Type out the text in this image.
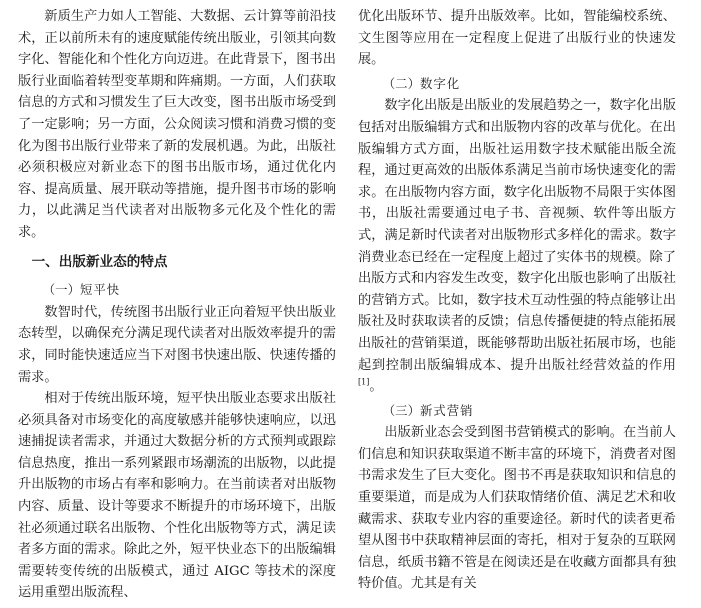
新质生产力如人工智能、大数据、云计算等前沿技术，正以前所未有的速度赋能传统出版业，引领其向数字化、智能化和个性化方向迈进。在此背景下，图书出版行业面临着转型变革期和阵痛期。一方面，人们获取信息的方式和习惯发生了巨大改变，图书出版市场受到了一定影响；另一方面，公众阅读习惯和消费习惯的变化为图书出版行业带来了新的发展机遇。为此，出版社必须积极应对新业态下的图书出版市场，通过优化内容、提高质量、展开联动等措施，提升图书市场的影响力，以此满足当代读者对出版物多元化及个性化的需求。

一、出版新业态的特点
（一）短平快

数智时代，传统图书出版行业正向着短平快出版业态转型，以确保充分满足现代读者对出版效率提升的需求，同时能快速适应当下对图书快速出版、快速传播的需求。

相对于传统出版环境，短平快出版业态要求出版社必须具备对市场变化的高度敏感并能够快速响应，以迅速捕捉读者需求，并通过大数据分析的方式预判或跟踪信息热度，推出一系列紧跟市场潮流的出版物，以此提升出版物的市场占有率和影响力。在当前读者对出版物内容、质量、设计等要求不断提升的市场环境下，出版社必须通过联名出版物、个性化出版物等方式，满足读者多方面的需求。除此之外，短平快业态下的出版编辑需要转变传统的出版模式，通过 AIGC 等技术的深度运用重塑出版流程、

优化出版环节、提升出版效率。比如，智能编校系统、文生图等应用在一定程度上促进了出版行业的快速发展。

（二）数字化

数字化出版是出版业的发展趋势之一，数字化出版包括对出版编辑方式和出版物内容的改革与优化。在出版编辑方式方面，出版社运用数字技术赋能出版全流程，通过更高效的出版体系满足当前市场快速变化的需求。在出版物内容方面，数字化出版物不局限于实体图书，出版社需要通过电子书、音视频、软件等出版方式，满足新时代读者对出版物形式多样化的需求。数字消费业态已经在一定程度上超过了实体书的规模。除了出版方式和内容发生改变，数字化出版也影响了出版社的营销方式。比如，数字技术互动性强的特点能够让出版社及时获取读者的反馈；信息传播便捷的特点能拓展出版社的营销渠道，既能够帮助出版社拓展市场，也能起到控制出版编辑成本、提升出版社经营效益的作用[1]。

（三）新式营销

出版新业态会受到图书营销模式的影响。在当前人们信息和知识获取渠道不断丰富的环境下，消费者对图书需求发生了巨大变化。图书不再是获取知识和信息的重要渠道，而是成为人们获取情绪价值、满足艺术和收藏需求、获取专业内容的重要途径。新时代的读者更希望从图书中获取精神层面的寄托，相对于复杂的互联网信息，纸质书籍不管是在阅读还是在收藏方面都具有独特价值。尤其是有关
